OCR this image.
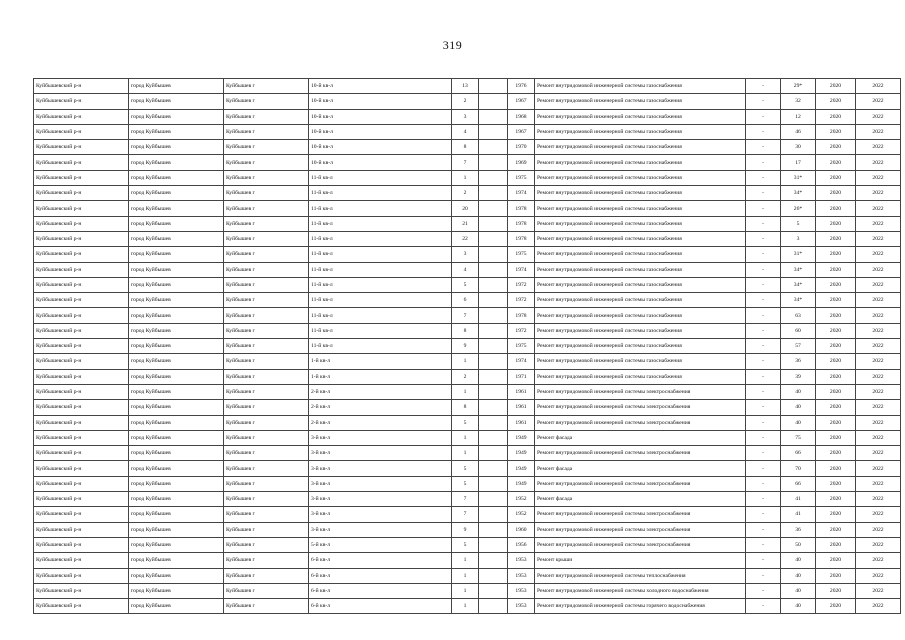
319
Куйбышевский р-н	город Куйбышев	Куйбышев г	10-й кв-л	13		1976	Ремонт внутридомовой инженерной системы газоснабжения	-	29*	2020	2022
Куйбышевский р-н	город Куйбышев	Куйбышев г	10-й кв-л	2		1967	Ремонт внутридомовой инженерной системы газоснабжения	-	32	2020	2022
Куйбышевский р-н	город Куйбышев	Куйбышев г	10-й кв-л	3		1968	Ремонт внутридомовой инженерной системы газоснабжения	-	12	2020	2022
Куйбышевский р-н	город Куйбышев	Куйбышев г	10-й кв-л	4		1967	Ремонт внутридомовой инженерной системы газоснабжения	-	46	2020	2022
Куйбышевский р-н	город Куйбышев	Куйбышев г	10-й кв-л	8		1970	Ремонт внутридомовой инженерной системы газоснабжения	-	30	2020	2022
Куйбышевский р-н	город Куйбышев	Куйбышев г	10-й кв-л	7		1969	Ремонт внутридомовой инженерной системы газоснабжения	-	17	2020	2022
Куйбышевский р-н	город Куйбышев	Куйбышев г	11-й кв-л	1		1975	Ремонт внутридомовой инженерной системы газоснабжения	-	31*	2020	2022
Куйбышевский р-н	город Куйбышев	Куйбышев г	11-й кв-л	2		1974	Ремонт внутридомовой инженерной системы газоснабжения	-	34*	2020	2022
Куйбышевский р-н	город Куйбышев	Куйбышев г	11-й кв-л	20		1978	Ремонт внутридомовой инженерной системы газоснабжения	-	26*	2020	2022
Куйбышевский р-н	город Куйбышев	Куйбышев г	11-й кв-л	21		1978	Ремонт внутридомовой инженерной системы газоснабжения	-	5	2020	2022
Куйбышевский р-н	город Куйбышев	Куйбышев г	11-й кв-л	22		1978	Ремонт внутридомовой инженерной системы газоснабжения	-	3	2020	2022
Куйбышевский р-н	город Куйбышев	Куйбышев г	11-й кв-л	3		1975	Ремонт внутридомовой инженерной системы газоснабжения	-	31*	2020	2022
Куйбышевский р-н	город Куйбышев	Куйбышев г	11-й кв-л	4		1974	Ремонт внутридомовой инженерной системы газоснабжения	-	34*	2020	2022
Куйбышевский р-н	город Куйбышев	Куйбышев г	11-й кв-л	5		1972	Ремонт внутридомовой инженерной системы газоснабжения	-	34*	2020	2022
Куйбышевский р-н	город Куйбышев	Куйбышев г	11-й кв-л	6		1972	Ремонт внутридомовой инженерной системы газоснабжения	-	34*	2020	2022
Куйбышевский р-н	город Куйбышев	Куйбышев г	11-й кв-л	7		1978	Ремонт внутридомовой инженерной системы газоснабжения	-	63	2020	2022
Куйбышевский р-н	город Куйбышев	Куйбышев г	11-й кв-л	8		1972	Ремонт внутридомовой инженерной системы газоснабжения	-	60	2020	2022
Куйбышевский р-н	город Куйбышев	Куйбышев г	11-й кв-л	9		1975	Ремонт внутридомовой инженерной системы газоснабжения	-	57	2020	2022
Куйбышевский р-н	город Куйбышев	Куйбышев г	1-й кв-л	1		1974	Ремонт внутридомовой инженерной системы газоснабжения	-	36	2020	2022
Куйбышевский р-н	город Куйбышев	Куйбышев г	1-й кв-л	2		1971	Ремонт внутридомовой инженерной системы газоснабжения	-	39	2020	2022
Куйбышевский р-н	город Куйбышев	Куйбышев г	2-й кв-л	1		1961	Ремонт внутридомовой инженерной системы электроснабжения	-	40	2020	2022
Куйбышевский р-н	город Куйбышев	Куйбышев г	2-й кв-л	8		1961	Ремонт внутридомовой инженерной системы электроснабжения	-	40	2020	2022
Куйбышевский р-н	город Куйбышев	Куйбышев г	2-й кв-л	5		1961	Ремонт внутридомовой инженерной системы электроснабжения	-	40	2020	2022
Куйбышевский р-н	город Куйбышев	Куйбышев г	3-й кв-л	1		1949	Ремонт фасада	-	75	2020	2022
Куйбышевский р-н	город Куйбышев	Куйбышев г	3-й кв-л	1		1949	Ремонт внутридомовой инженерной системы электроснабжения	-	66	2020	2022
Куйбышевский р-н	город Куйбышев	Куйбышев г	3-й кв-л	5		1949	Ремонт фасада	-	70	2020	2022
Куйбышевский р-н	город Куйбышев	Куйбышев г	3-й кв-л	5		1949	Ремонт внутридомовой инженерной системы электроснабжения	-	66	2020	2022
Куйбышевский р-н	город Куйбышев	Куйбышев г	3-й кв-л	7		1952	Ремонт фасада	-	41	2020	2022
Куйбышевский р-н	город Куйбышев	Куйбышев г	3-й кв-л	7		1952	Ремонт внутридомовой инженерной системы электроснабжения	-	41	2020	2022
Куйбышевский р-н	город Куйбышев	Куйбышев г	3-й кв-л	9		1960	Ремонт внутридомовой инженерной системы электроснабжения	-	36	2020	2022
Куйбышевский р-н	город Куйбышев	Куйбышев г	5-й кв-л	5		1956	Ремонт внутридомовой инженерной системы электроснабжения	-	50	2020	2022
Куйбышевский р-н	город Куйбышев	Куйбышев г	6-й кв-л	1		1953	Ремонт крыши	-	40	2020	2022
Куйбышевский р-н	город Куйбышев	Куйбышев г	6-й кв-л	1		1953	Ремонт внутридомовой инженерной системы теплоснабжения	-	40	2020	2022
Куйбышевский р-н	город Куйбышев	Куйбышев г	6-й кв-л	1		1953	Ремонт внутридомовой инженерной системы холодного водоснабжения	-	40	2020	2022
Куйбышевский р-н	город Куйбышев	Куйбышев г	6-й кв-л	1		1953	Ремонт внутридомовой инженерной системы горячего водоснабжения	-	40	2020	2022
